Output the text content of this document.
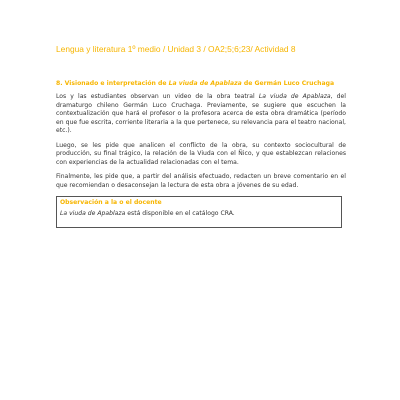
Lengua y literatura 1º medio / Unidad 3 / OA2;5;6;23/ Actividad 8
8. Visionado e interpretación de La viuda de Apablaza de Germán Luco Cruchaga

Los y las estudiantes observan un video de la obra teatral La viuda de Apablaza, del dramaturgo chileno Germán Luco Cruchaga. Previamente, se sugiere que escuchen la contextualización que hará el profesor o la profesora acerca de esta obra dramática (período en que fue escrita, corriente literaria a la que pertenece, su relevancia para el teatro nacional, etc.).

Luego, se les pide que analicen el conflicto de la obra, su contexto sociocultural de producción, su final trágico, la relación de la Viuda con el Ñico, y que establezcan relaciones con experiencias de la actualidad relacionadas con el tema.

Finalmente, les pide que, a partir del análisis efectuado, redacten un breve comentario en el que recomiendan o desaconsejan la lectura de esta obra a jóvenes de su edad.

Observación a la o el docente

La viuda de Apablaza está disponible en el catálogo CRA.
